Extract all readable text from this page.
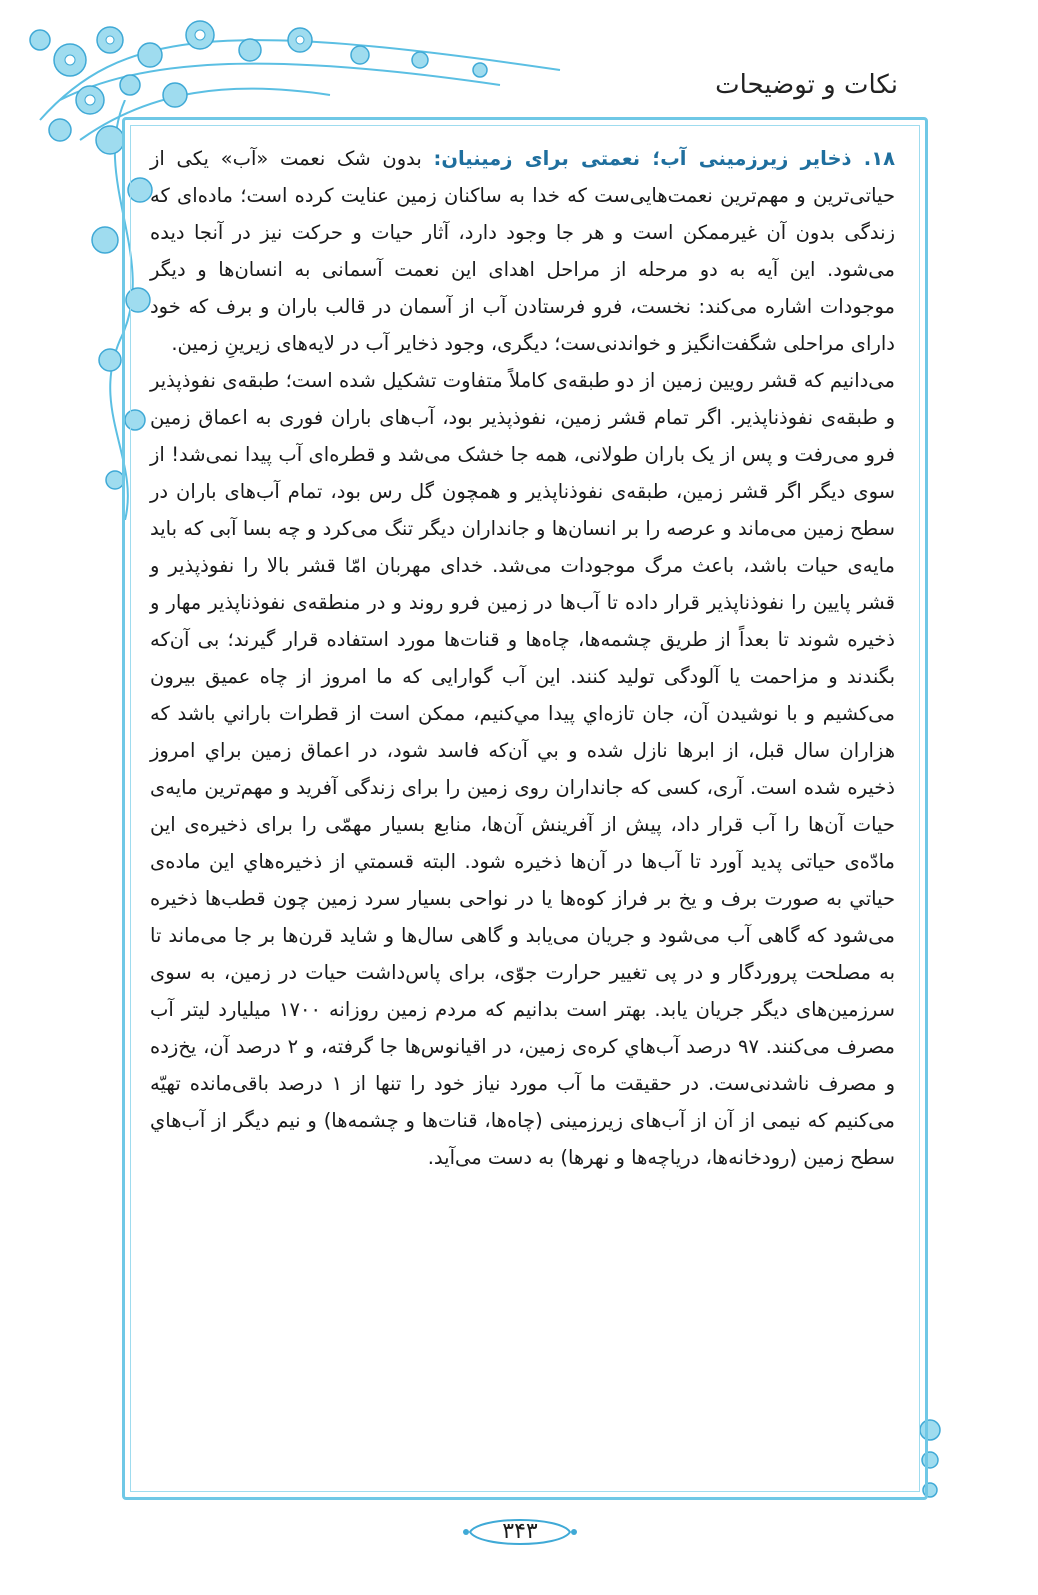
نکات و توضیحات

۱۸. ذخایر زیرزمینی آب؛ نعمتی برای زمینیان: بدون شک نعمت «آب» یکی از حیاتی‌ترین و مهم‌ترین نعمت‌هایی‌ست که خدا به ساکنان زمین عنایت کرده است؛ ماده‌ای که زندگی بدون آن غیرممکن است و هر جا وجود دارد، آثار حیات و حرکت نیز در آنجا دیده می‌شود. این آیه به دو مرحله از مراحل اهدای این نعمت آسمانی به انسان‌ها و دیگر موجودات اشاره می‌کند: نخست، فرو فرستادن آب از آسمان در قالب باران و برف که خود دارای مراحلی شگفت‌انگیز و خواندنی‌ست؛ دیگری، وجود ذخایر آب در لایه‌های زیرینِ زمین.

می‌دانیم که قشر رویین زمین از دو طبقه‌ی کاملاً متفاوت تشکیل شده است؛ طبقه‌ی نفوذپذیر و طبقه‌ی نفوذناپذیر. اگر تمام قشر زمین، نفوذپذیر بود، آب‌های باران فوری به اعماق زمین فرو می‌رفت و پس از یک باران طولانی، همه جا خشک می‌شد و قطره‌ای آب پیدا نمی‌شد! از سوی دیگر اگر قشر زمین، طبقه‌ی نفوذناپذیر و همچون گل رس بود، تمام آب‌های باران در سطح زمین می‌ماند و عرصه را بر انسان‌ها و جانداران دیگر تنگ می‌کرد و چه بسا آبی که باید مایه‌ی حیات باشد، باعث مرگ موجودات می‌شد. خدای مهربان امّا قشر بالا را نفوذپذیر و قشر پایین را نفوذناپذیر قرار داده تا آب‌ها در زمین فرو روند و در منطقه‌ی نفوذناپذیر مهار و ذخیره شوند تا بعداً از طریق چشمه‌ها، چاه‌ها و قنات‌ها مورد استفاده قرار گیرند؛ بی آن‌که بگندند و مزاحمت یا آلودگی تولید کنند. این آب گوارایی که ما امروز از چاه عمیق بیرون می‌کشیم و با نوشیدن آن، جان تازه‌اي پیدا مي‌کنیم، ممکن است از قطرات باراني باشد که هزاران سال قبل، از ابرها نازل شده و بي آن‌که فاسد شود، در اعماق زمین براي امروز ذخیره شده است. آری، کسی که جانداران روی زمین را برای زندگی آفرید و مهم‌ترین مایه‌ی حیات آن‌ها را آب قرار داد، پیش از آفرینش آن‌ها، منابع بسیار مهمّی را برای ذخیره‌ی این مادّه‌ی حیاتی پدید آورد تا آب‌ها در آن‌ها ذخیره شود. البته قسمتي از ذخیره‌هاي این ماده‌ی حیاتي به صورت برف و یخ بر فراز کوه‌ها یا در نواحی بسیار سرد زمین چون قطب‌ها ذخیره می‌شود که گاهی آب می‌شود و جریان می‌یابد و گاهی سال‌ها و شاید قرن‌ها بر جا می‌ماند تا به مصلحت پروردگار و در پی تغییر حرارت جوّی، برای پاس‌داشت حیات در زمین، به سوی سرزمین‌های دیگر جریان یابد. بهتر است بدانیم که مردم زمین روزانه ۱۷۰۰ میلیارد لیتر آب مصرف می‌کنند. ۹۷ درصد آب‌هاي کره‌ی زمین، در اقیانوس‌ها جا گرفته، و ۲ درصد آن، یخ‌زده و مصرف ناشدنی‌ست. در حقیقت ما آب مورد نیاز خود را تنها از ۱ درصد باقی‌مانده تهیّه می‌کنیم که نیمی از آن از آب‌های زیرزمینی (چاه‌ها، قنات‌ها و چشمه‌ها) و نیم دیگر از آب‌هاي سطح زمین (رودخانه‌ها، دریاچه‌ها و نهرها) به دست می‌آید.

۳۴۳
